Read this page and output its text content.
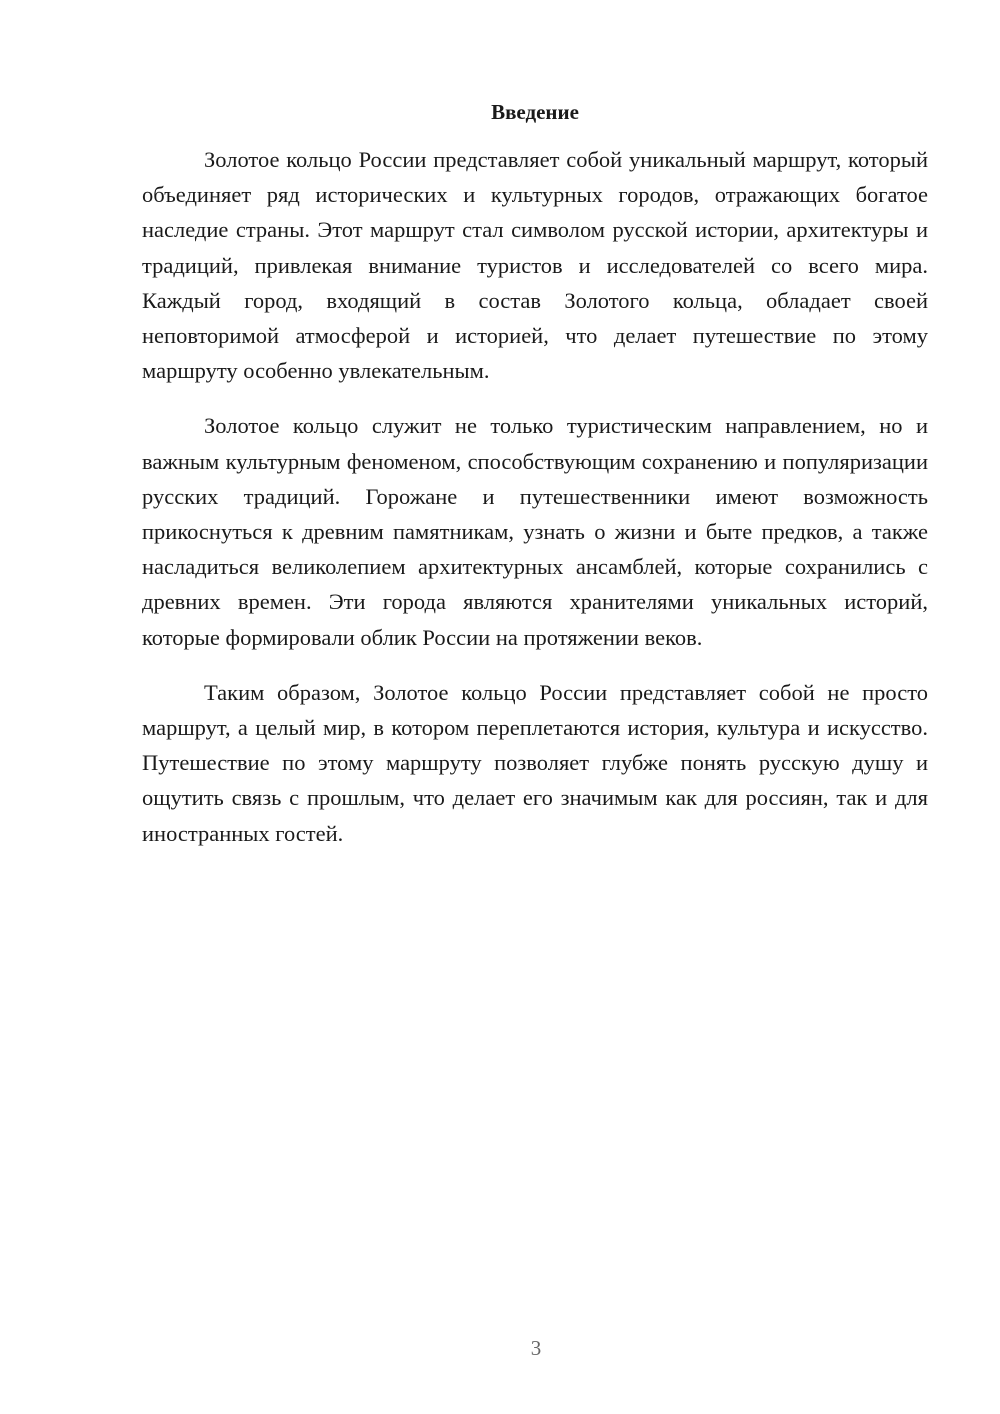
Введение

Золотое кольцо России представляет собой уникальный маршрут, который объединяет ряд исторических и культурных городов, отражающих богатое наследие страны. Этот маршрут стал символом русской истории, архитектуры и традиций, привлекая внимание туристов и исследователей со всего мира. Каждый город, входящий в состав Золотого кольца, обладает своей неповторимой атмосферой и историей, что делает путешествие по этому маршруту особенно увлекательным.

Золотое кольцо служит не только туристическим направлением, но и важным культурным феноменом, способствующим сохранению и популяризации русских традиций. Горожане и путешественники имеют возможность прикоснуться к древним памятникам, узнать о жизни и быте предков, а также насладиться великолепием архитектурных ансамблей, которые сохранились с древних времен. Эти города являются хранителями уникальных историй, которые формировали облик России на протяжении веков.

Таким образом, Золотое кольцо России представляет собой не просто маршрут, а целый мир, в котором переплетаются история, культура и искусство. Путешествие по этому маршруту позволяет глубже понять русскую душу и ощутить связь с прошлым, что делает его значимым как для россиян, так и для иностранных гостей.

3
